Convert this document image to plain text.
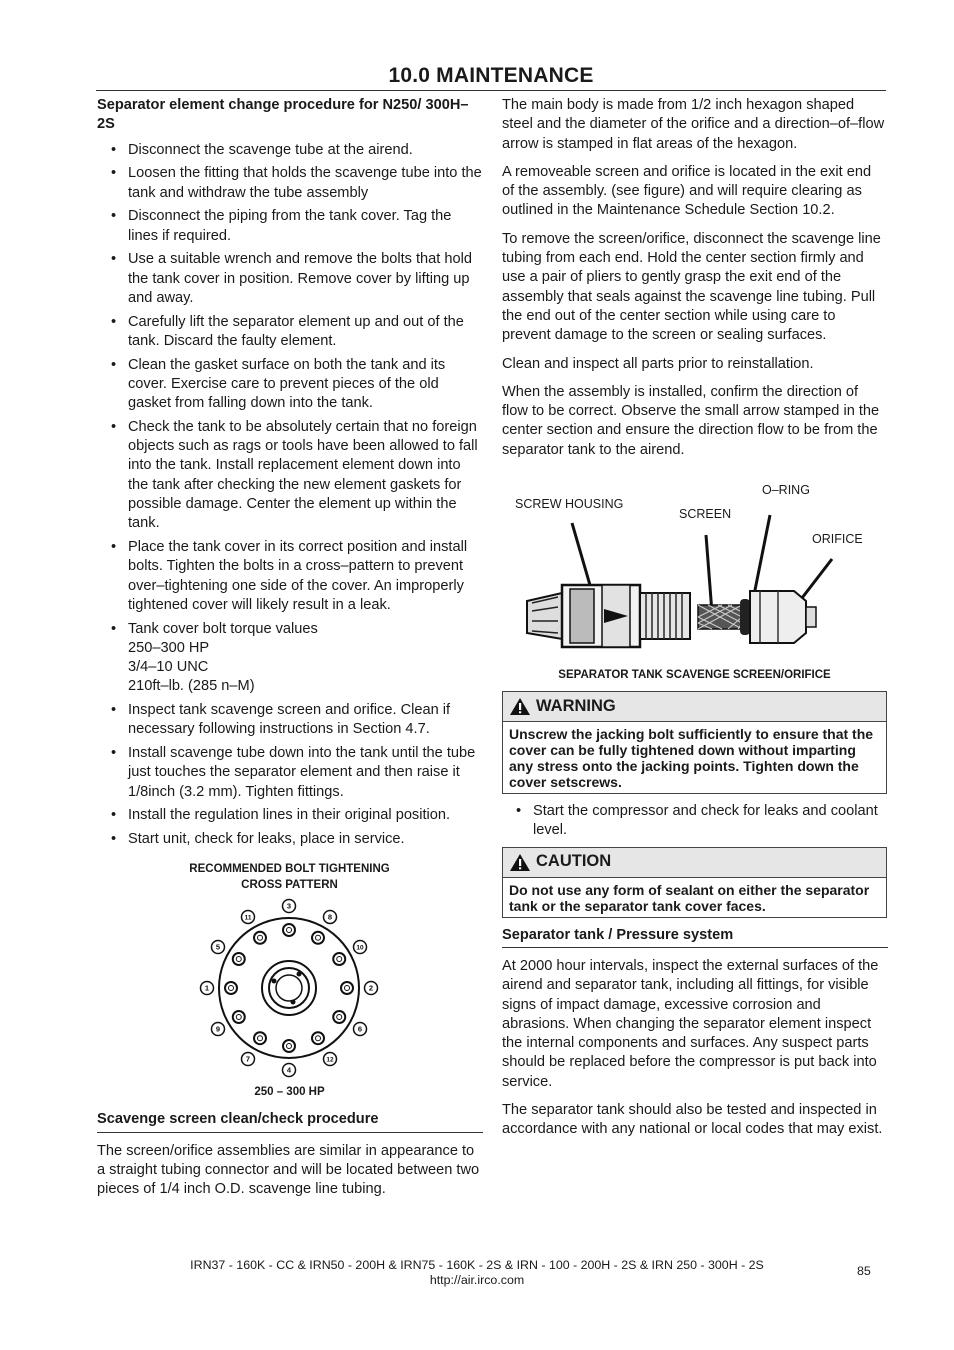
10.0 MAINTENANCE

Separator element change procedure for N250/ 300H–2S

• Disconnect the scavenge tube at the airend.
• Loosen the fitting that holds the scavenge tube into the tank and withdraw the tube assembly
• Disconnect the piping from the tank cover. Tag the lines if required.
• Use a suitable wrench and remove the bolts that hold the tank cover in position. Remove cover by lifting up and away.
• Carefully lift the separator element up and out of the tank. Discard the faulty element.
• Clean the gasket surface on both the tank and its cover. Exercise care to prevent pieces of the old gasket from falling down into the tank.
• Check the tank to be absolutely certain that no foreign objects such as rags or tools have been allowed to fall into the tank. Install replacement element down into the tank after checking the new element gaskets for possible damage. Center the element up within the tank.
• Place the tank cover in its correct position and install bolts. Tighten the bolts in a cross–pattern to prevent over–tightening one side of the cover. An improperly tightened cover will likely result in a leak.
• Tank cover bolt torque values
250–300 HP
3/4–10 UNC
210ft–lb. (285 n–M)
• Inspect tank scavenge screen and orifice. Clean if necessary following instructions in Section 4.7.
• Install scavenge tube down into the tank until the tube just touches the separator element and then raise it 1/8inch (3.2 mm). Tighten fittings.
• Install the regulation lines in their original position.
• Start unit, check for leaks, place in service.
RECOMMENDED BOLT TIGHTENING
CROSS PATTERN
3
8
10
2
6
12
4
7
9
1
5
11
250 – 300 HP
Scavenge screen clean/check procedure

The screen/orifice assemblies are similar in appearance to a straight tubing connector and will be located between two pieces of 1/4 inch O.D. scavenge line tubing.

The main body is made from 1/2 inch hexagon shaped steel and the diameter of the orifice and a direction–of–flow arrow is stamped in flat areas of the hexagon.

A removeable screen and orifice is located in the exit end of the assembly. (see figure) and will require clearing as outlined in the Maintenance Schedule Section 10.2.

To remove the screen/orifice, disconnect the scavenge line tubing from each end. Hold the center section firmly and use a pair of pliers to gently grasp the exit end of the assembly that seals against the scavenge line tubing. Pull the end out of the center section while using care to prevent damage to the screen or sealing surfaces.

Clean and inspect all parts prior to reinstallation.

When the assembly is installed, confirm the direction of flow to be correct. Observe the small arrow stamped in the center section and ensure the direction flow to be from the separator tank to the airend.

SCREW HOUSING
SCREEN
O–RING
ORIFICE
SEPARATOR TANK SCAVENGE SCREEN/ORIFICE
WARNING
Unscrew the jacking bolt sufficiently to ensure that the cover can be fully tightened down without imparting any stress onto the jacking points. Tighten down the cover setscrews.
• Start the compressor and check for leaks and coolant level.
CAUTION
Do not use any form of sealant on either the separator tank or the separator tank cover faces.
Separator tank / Pressure system

At 2000 hour intervals, inspect the external surfaces of the airend and separator tank, including all fittings, for visible signs of impact damage, excessive corrosion and abrasions. When changing the separator element inspect the internal components and surfaces. Any suspect parts should be replaced before the compressor is put back into service.

The separator tank should also be tested and inspected in accordance with any national or local codes that may exist.

IRN37 - 160K - CC & IRN50 - 200H & IRN75 - 160K - 2S & IRN - 100 - 200H - 2S & IRN 250 - 300H - 2S
http://air.irco.com
85
